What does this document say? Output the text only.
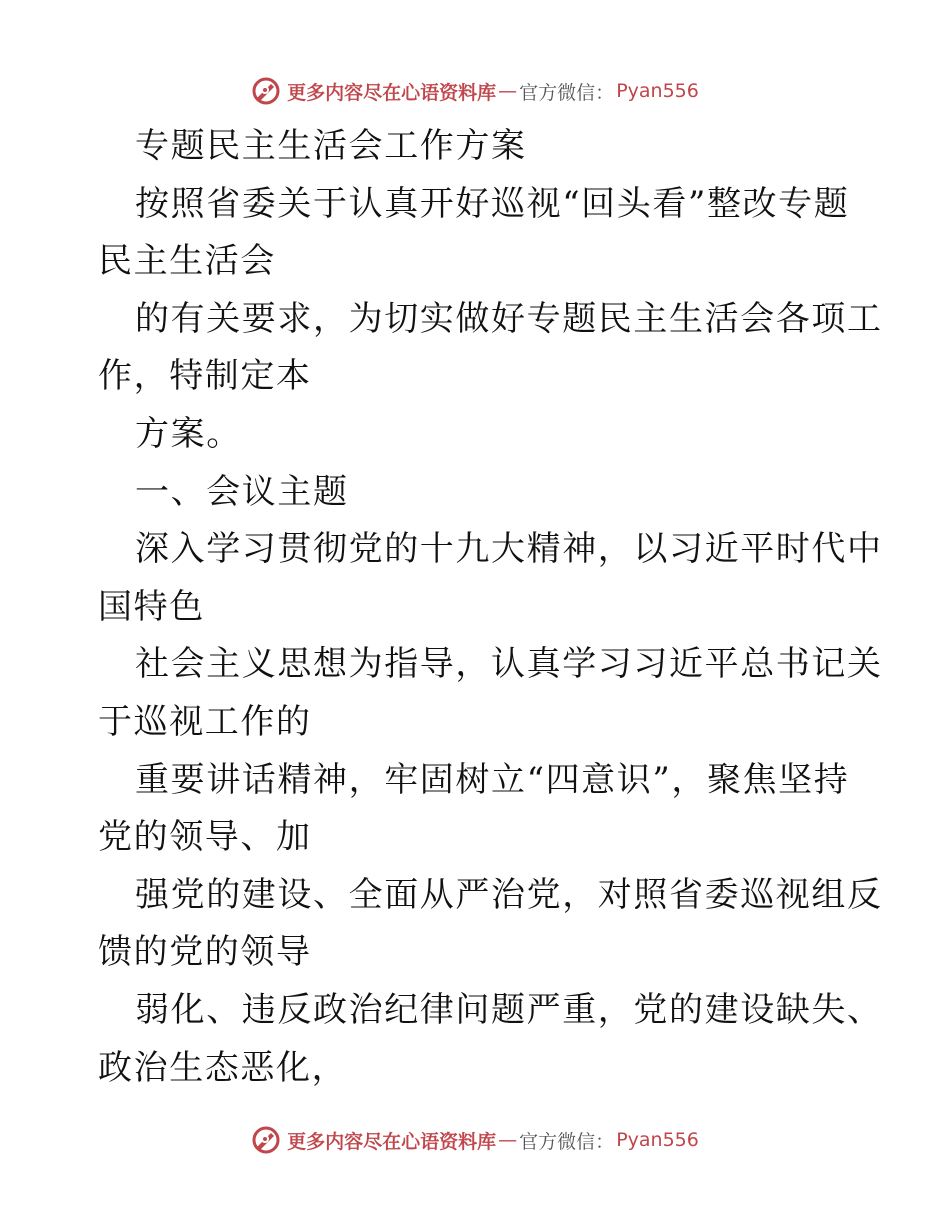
更多内容尽在心语资料库 — 官方微信： Pyan556
专题民主生活会工作方案
按照省委关于认真开好巡视“回头看”整改专题
民主生活会
的有关要求，为切实做好专题民主生活会各项工
作，特制定本
方案。
一、会议主题
深入学习贯彻党的十九大精神，以习近平时代中
国特色
社会主义思想为指导，认真学习习近平总书记关
于巡视工作的
重要讲话精神，牢固树立“四意识”，聚焦坚持
党的领导、加
强党的建设、全面从严治党，对照省委巡视组反
馈的党的领导
弱化、违反政治纪律问题严重，党的建设缺失、
政治生态恶化，
更多内容尽在心语资料库 — 官方微信： Pyan556
